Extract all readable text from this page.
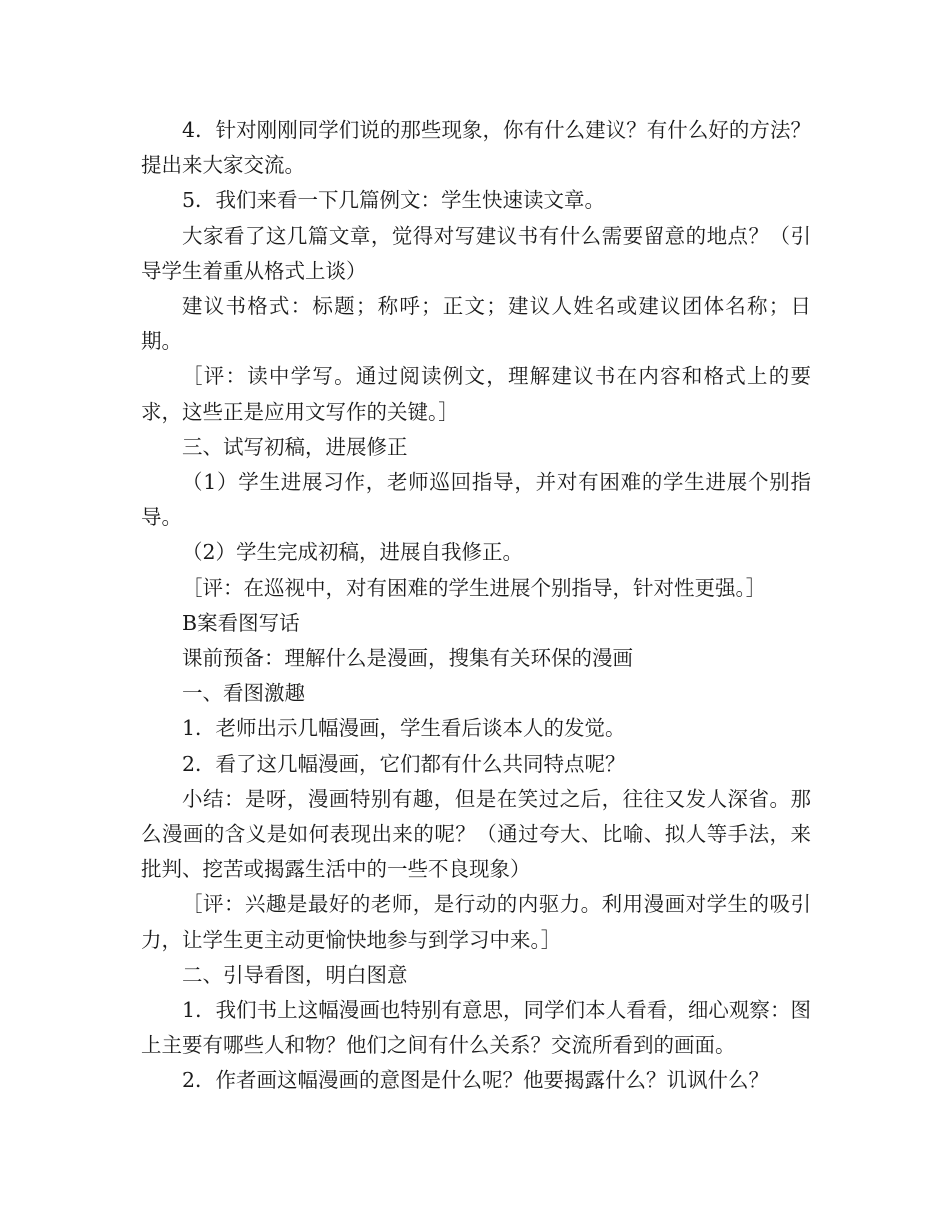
4．针对刚刚同学们说的那些现象，你有什么建议？有什么好的方法？提出来大家交流。

5．我们来看一下几篇例文：学生快速读文章。

大家看了这几篇文章，觉得对写建议书有什么需要留意的地点？（引导学生着重从格式上谈）

建议书格式：标题；称呼；正文；建议人姓名或建议团体名称；日期。

［评：读中学写。通过阅读例文，理解建议书在内容和格式上的要求，这些正是应用文写作的关键。］

三、试写初稿，进展修正

（1）学生进展习作，老师巡回指导，并对有困难的学生进展个别指导。

（2）学生完成初稿，进展自我修正。

［评：在巡视中，对有困难的学生进展个别指导，针对性更强。］

B案看图写话

课前预备：理解什么是漫画，搜集有关环保的漫画

一、看图激趣

1．老师出示几幅漫画，学生看后谈本人的发觉。

2．看了这几幅漫画，它们都有什么共同特点呢？

小结：是呀，漫画特别有趣，但是在笑过之后，往往又发人深省。那么漫画的含义是如何表现出来的呢？（通过夸大、比喻、拟人等手法，来批判、挖苦或揭露生活中的一些不良现象）

［评：兴趣是最好的老师，是行动的内驱力。利用漫画对学生的吸引力，让学生更主动更愉快地参与到学习中来。］

二、引导看图，明白图意

1．我们书上这幅漫画也特别有意思，同学们本人看看，细心观察：图上主要有哪些人和物？他们之间有什么关系？交流所看到的画面。

2．作者画这幅漫画的意图是什么呢？他要揭露什么？讥讽什么？
